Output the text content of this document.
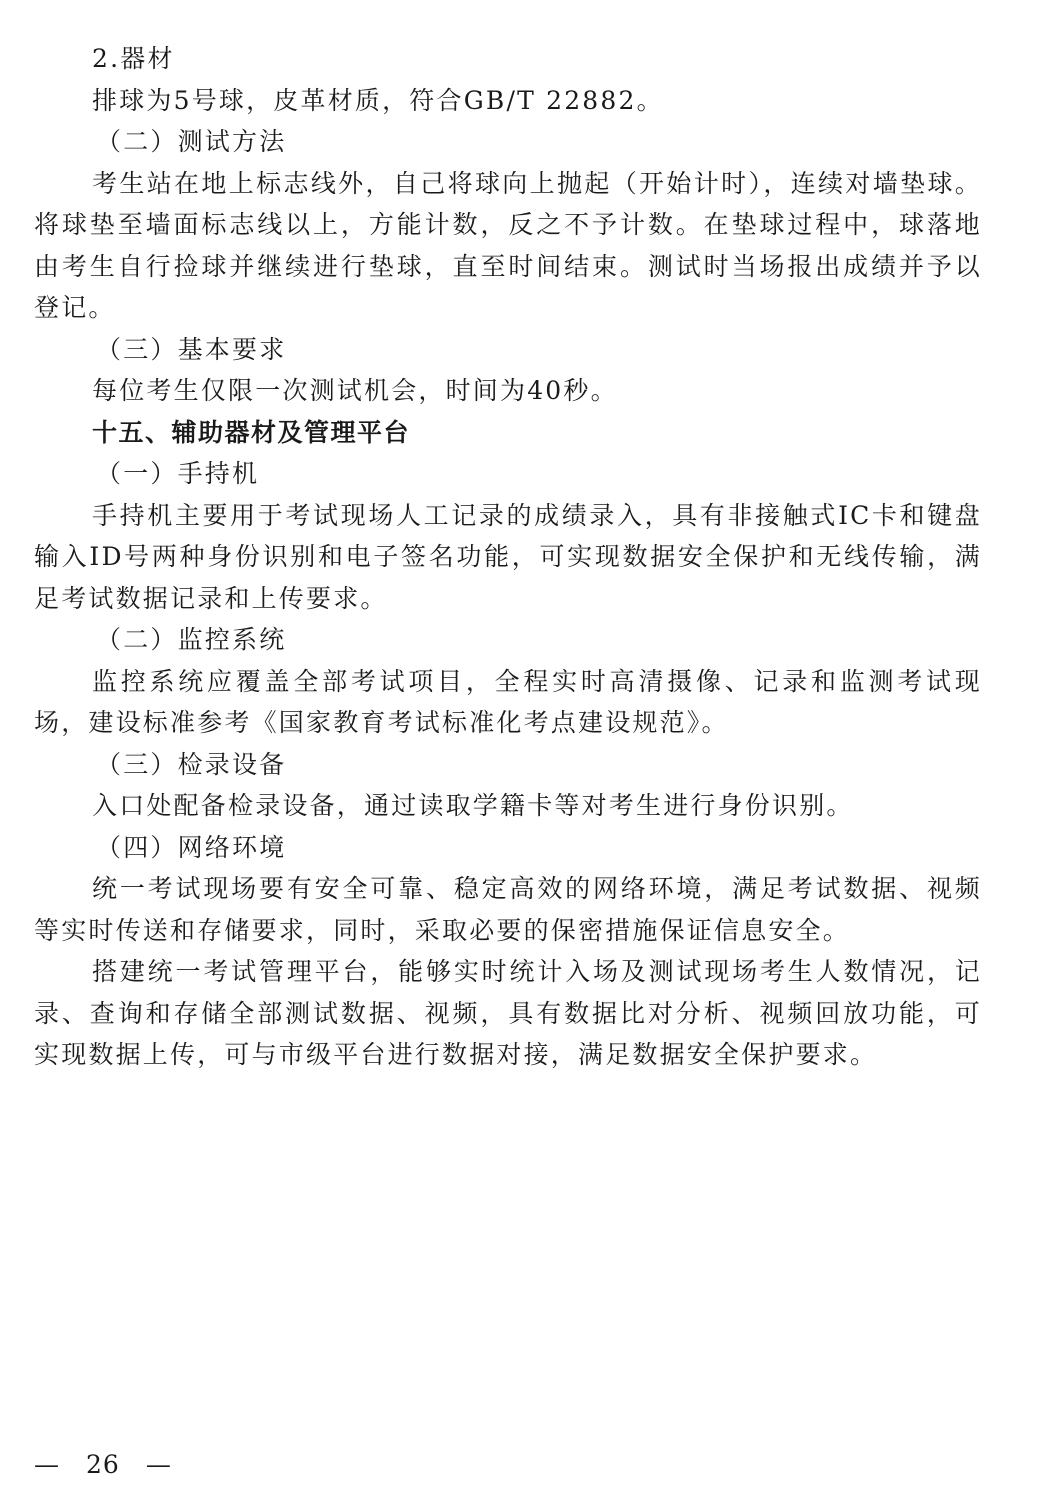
2.器材

排球为5号球，皮革材质，符合GB/T 22882。

（二）测试方法

考生站在地上标志线外，自己将球向上抛起（开始计时），连续对墙垫球。将球垫至墙面标志线以上，方能计数，反之不予计数。在垫球过程中，球落地由考生自行捡球并继续进行垫球，直至时间结束。测试时当场报出成绩并予以登记。

（三）基本要求

每位考生仅限一次测试机会，时间为40秒。

十五、辅助器材及管理平台

（一）手持机

手持机主要用于考试现场人工记录的成绩录入，具有非接触式IC卡和键盘输入ID号两种身份识别和电子签名功能，可实现数据安全保护和无线传输，满足考试数据记录和上传要求。

（二）监控系统

监控系统应覆盖全部考试项目，全程实时高清摄像、记录和监测考试现场，建设标准参考《国家教育考试标准化考点建设规范》。

（三）检录设备

入口处配备检录设备，通过读取学籍卡等对考生进行身份识别。

（四）网络环境

统一考试现场要有安全可靠、稳定高效的网络环境，满足考试数据、视频等实时传送和存储要求，同时，采取必要的保密措施保证信息安全。

搭建统一考试管理平台，能够实时统计入场及测试现场考生人数情况，记录、查询和存储全部测试数据、视频，具有数据比对分析、视频回放功能，可实现数据上传，可与市级平台进行数据对接，满足数据安全保护要求。

— 26 —
